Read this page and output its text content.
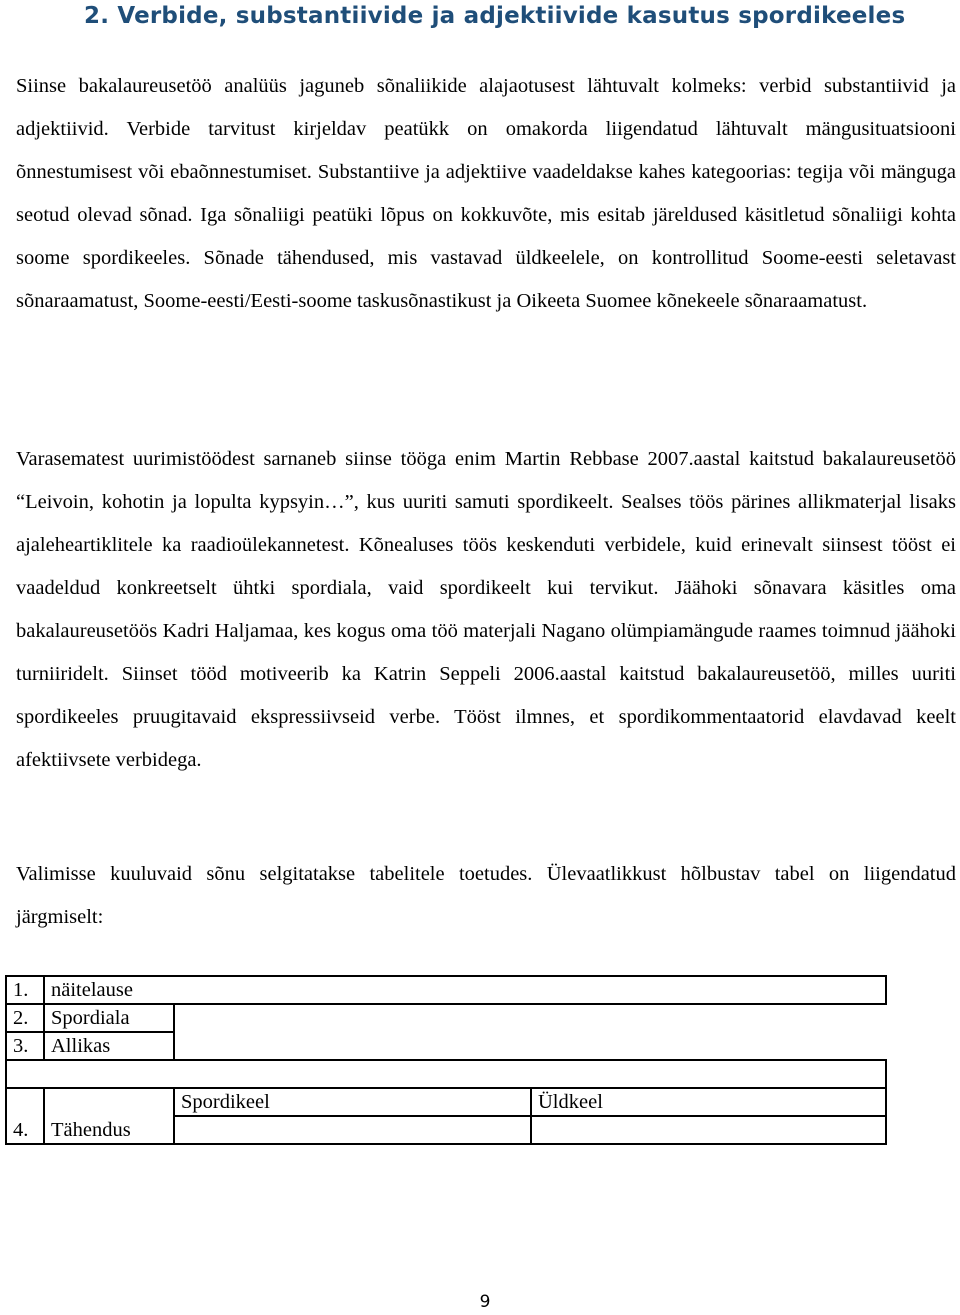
2. Verbide, substantiivide ja adjektiivide kasutus spordikeeles

Siinse bakalaureusetöö analüüs jaguneb sõnaliikide alajaotusest lähtuvalt kolmeks: verbid substantiivid ja adjektiivid. Verbide tarvitust kirjeldav peatükk on omakorda liigendatud lähtuvalt mängusituatsiooni õnnestumisest või ebaõnnestumiset. Substantiive ja adjektiive vaadeldakse kahes kategoorias: tegija või mänguga seotud olevad sõnad. Iga sõnaliigi peatüki lõpus on kokkuvõte, mis esitab järeldused käsitletud sõnaliigi kohta soome spordikeeles. Sõnade tähendused, mis vastavad üldkeelele, on kontrollitud Soome-eesti seletavast sõnaraamatust, Soome-eesti/Eesti-soome taskusõnastikust ja Oikeeta Suomee kõnekeele sõnaraamatust.

Varasematest uurimistöödest sarnaneb siinse tööga enim Martin Rebbase 2007.aastal kaitstud bakalaureusetöö “Leivoin, kohotin ja lopulta kypsyin…”, kus uuriti samuti spordikeelt. Sealses töös pärines allikmaterjal lisaks ajaleheartiklitele ka raadioülekannetest. Kõnealuses töös keskenduti verbidele, kuid erinevalt siinsest tööst ei vaadeldud konkreetselt ühtki spordiala, vaid spordikeelt kui tervikut. Jäähoki sõnavara käsitles oma bakalaureusetöös Kadri Haljamaa, kes kogus oma töö materjali Nagano olümpiamängude raames toimnud jäähoki turniiridelt. Siinset tööd motiveerib ka Katrin Seppeli 2006.aastal kaitstud bakalaureusetöö, milles uuriti spordikeeles pruugitavaid ekspressiivseid verbe. Tööst ilmnes, et spordikommentaatorid elavdavad keelt afektiivsete verbidega.

Valimisse kuuluvaid sõnu selgitatakse tabelitele toetudes. Ülevaatlikkust hõlbustav tabel on liigendatud järgmiselt:

1.	näitelause		
2.	Spordiala		
3.	Allikas		

4.	Tähendus	Spordikeel	Üldkeel

9
